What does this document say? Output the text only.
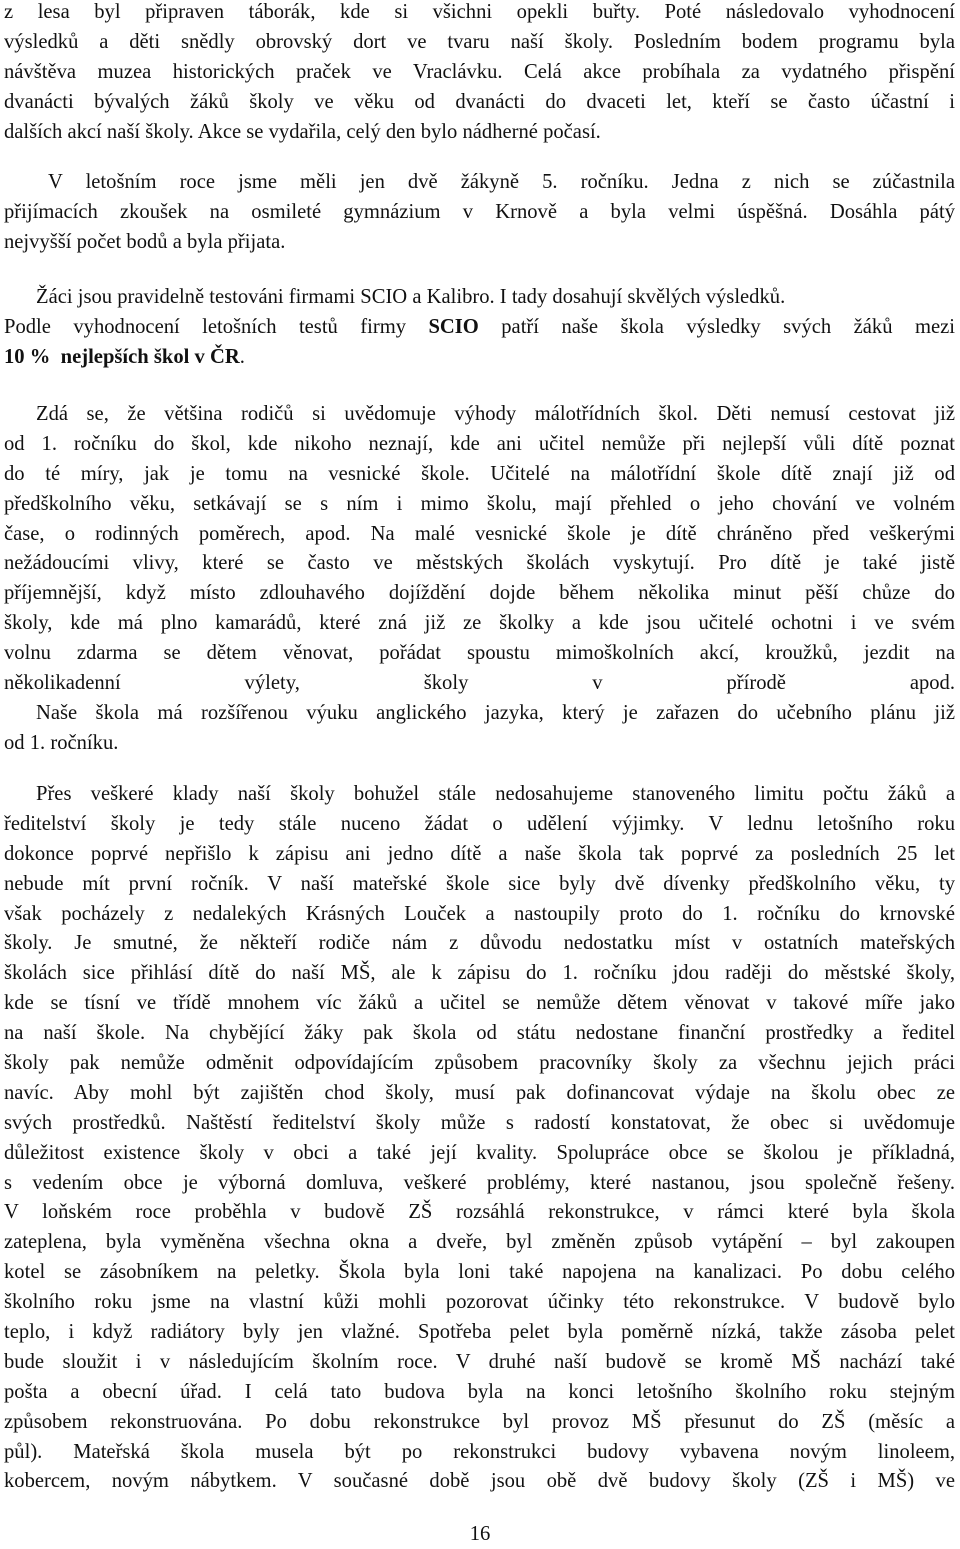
z lesa byl připraven táborák, kde si všichni opekli buřty. Poté následovalo vyhodnocení
výsledků a děti snědly obrovský dort ve tvaru naší školy. Posledním bodem programu byla
návštěva muzea historických praček ve Vraclávku. Celá akce probíhala za vydatného přispění
dvanácti bývalých žáků školy ve věku od dvanácti do dvaceti let, kteří se často účastní i
dalších akcí naší školy. Akce se vydařila, celý den bylo nádherné počasí.
V letošním roce jsme měli jen dvě žákyně 5. ročníku. Jedna z nich se zúčastnila
přijímacích zkoušek na osmileté gymnázium v Krnově a byla velmi úspěšná. Dosáhla pátý
nejvyšší počet bodů a byla přijata.
Žáci jsou pravidelně testováni firmami SCIO a Kalibro. I tady dosahují skvělých výsledků.
Podle vyhodnocení letošních testů firmy SCIO patří naše škola výsledky svých žáků mezi
10 %  nejlepších škol v ČR.
Zdá se, že většina rodičů si uvědomuje výhody málotřídních škol. Děti nemusí cestovat již
od 1. ročníku do škol, kde nikoho neznají, kde ani učitel nemůže při nejlepší vůli dítě poznat
do té míry, jak je tomu na vesnické škole. Učitelé na málotřídní škole dítě znají již od
předškolního věku, setkávají se s ním i mimo školu, mají přehled o jeho chování ve volném
čase, o rodinných poměrech, apod. Na malé vesnické škole je dítě chráněno před veškerými
nežádoucími vlivy, které se často ve městských školách vyskytují. Pro dítě je také jistě
příjemnější, když místo zdlouhavého dojíždění dojde během několika minut pěší chůze do
školy, kde má plno kamarádů, které zná již ze školky a kde jsou učitelé ochotni i ve svém
volnu zdarma se dětem věnovat, pořádat spoustu mimoškolních akcí, kroužků, jezdit na
několikadenní výlety, školy v přírodě apod.
Naše škola má rozšířenou výuku anglického jazyka, který je zařazen do učebního plánu již
od 1. ročníku.
Přes veškeré klady naší školy bohužel stále nedosahujeme stanoveného limitu počtu žáků a
ředitelství školy je tedy stále nuceno žádat o udělení výjimky. V lednu letošního roku
dokonce poprvé nepřišlo k zápisu ani jedno dítě a naše škola tak poprvé za posledních 25 let
nebude mít první ročník. V naší mateřské škole sice byly dvě dívenky předškolního věku, ty
však pocházely z nedalekých Krásných Louček a nastoupily proto do 1. ročníku do krnovské
školy. Je smutné, že někteří rodiče nám z důvodu nedostatku míst v ostatních mateřských
školách sice přihlásí dítě do naší MŠ, ale k zápisu do 1. ročníku jdou raději do městské školy,
kde se tísní ve třídě mnohem víc žáků a učitel se nemůže dětem věnovat v takové míře jako
na naší škole. Na chybějící žáky pak škola od státu nedostane finanční prostředky a ředitel
školy pak nemůže odměnit odpovídajícím způsobem pracovníky školy za všechnu jejich práci
navíc. Aby mohl být zajištěn chod školy, musí pak dofinancovat výdaje na školu obec ze
svých prostředků. Naštěstí ředitelství školy může s radostí konstatovat, že obec si uvědomuje
důležitost existence školy v obci a také její kvality. Spolupráce obce se školou je příkladná,
s vedením obce je výborná domluva, veškeré problémy, které nastanou, jsou společně řešeny.
V loňském roce proběhla v budově ZŠ rozsáhlá rekonstrukce, v rámci které byla škola
zateplena, byla vyměněna všechna okna a dveře, byl změněn způsob vytápění – byl zakoupen
kotel se zásobníkem na peletky. Škola byla loni také napojena na kanalizaci. Po dobu celého
školního roku jsme na vlastní kůži mohli pozorovat účinky této rekonstrukce. V budově bylo
teplo, i když radiátory byly jen vlažné. Spotřeba pelet byla poměrně nízká, takže zásoba pelet
bude sloužit i v následujícím školním roce. V druhé naší budově se kromě MŠ nachází také
pošta a obecní úřad. I celá tato budova byla na konci letošního školního roku stejným
způsobem rekonstruována. Po dobu rekonstrukce byl provoz MŠ přesunut do ZŠ (měsíc a
půl). Mateřská škola musela být po rekonstrukci budovy vybavena novým linoleem,
kobercem, novým nábytkem. V současné době jsou obě dvě budovy školy (ZŠ i MŠ) ve
16
